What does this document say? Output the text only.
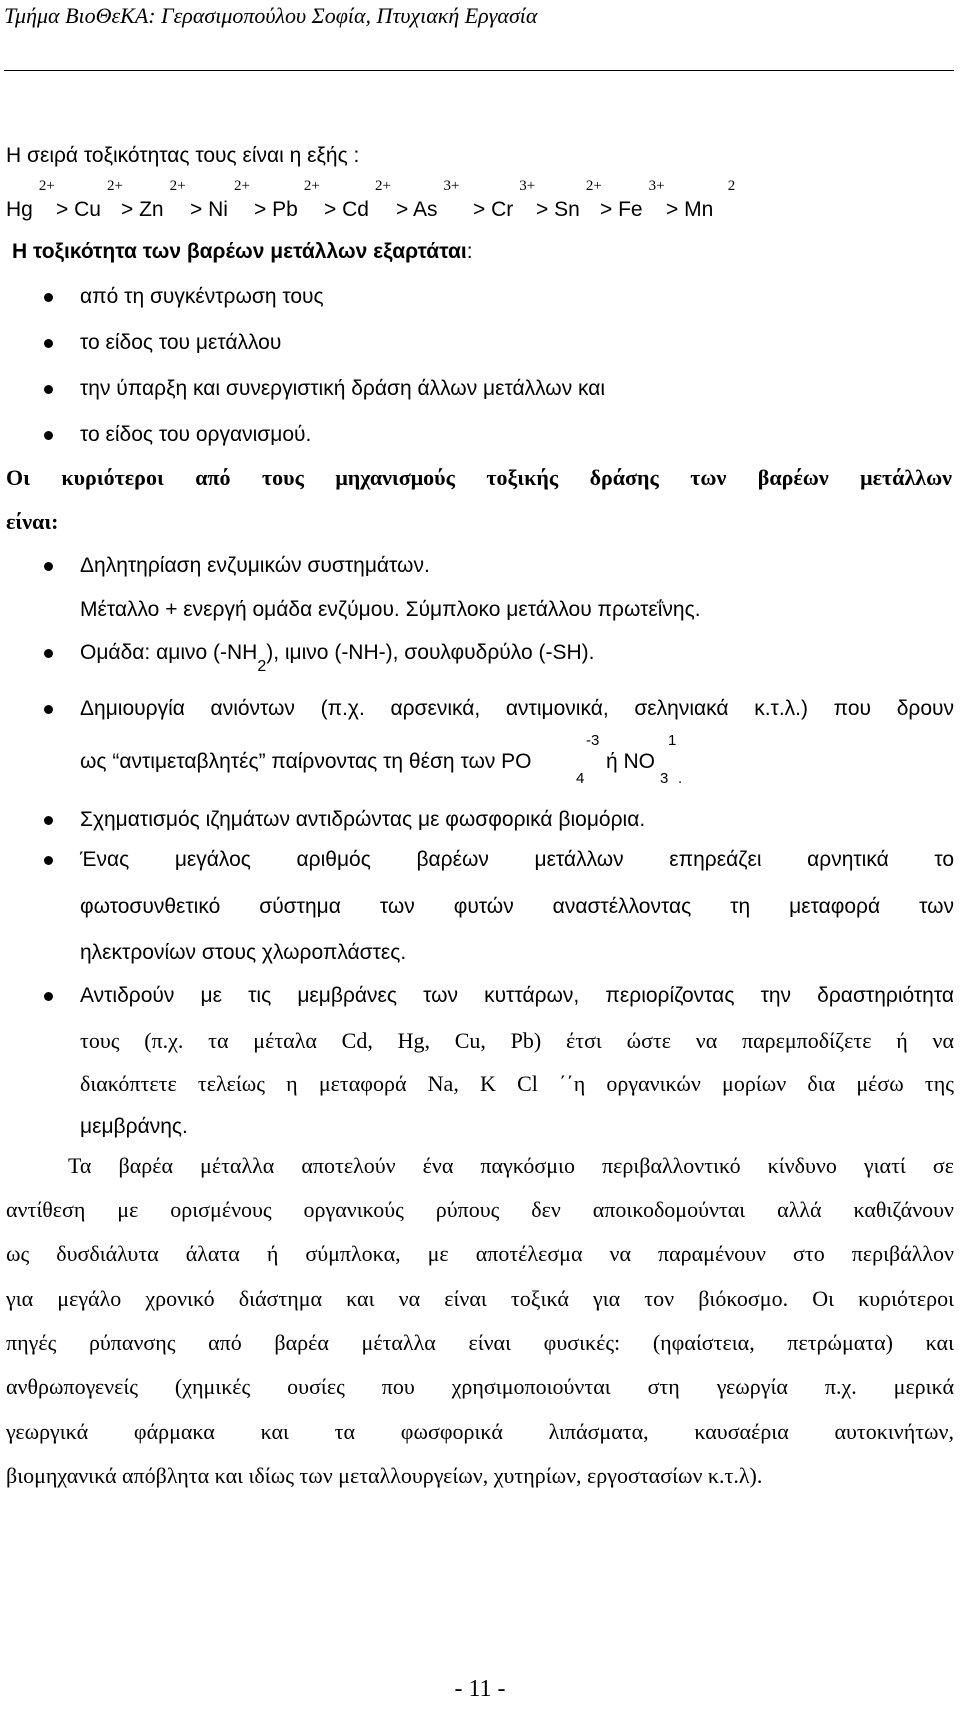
Τμήμα ΒιοΘεΚΑ: Γερασιμοπούλου Σοφία, Πτυχιακή Εργασία
Η σειρά τοξικότητας τους είναι η εξής :
Hg
2+
> Cu
2+
> Zn
2+
> Ni
2+
> Pb
2+
> Cd
2+
> As
3+
> Cr
3+
> Sn
2+
> Fe
3+
> Mn
2
Η τοξικότητα των βαρέων μετάλλων εξαρτάται:
από τη συγκέντρωση τους
το είδος του μετάλλου
την ύπαρξη και συνεργιστική δράση άλλων μετάλλων και
το είδος του οργανισμού.
Οι κυριότεροι από τους μηχανισμούς τοξικής δράσης των βαρέων μετάλλων
είναι:
Δηλητηρίαση ενζυμικών συστημάτων.
Μέταλλο + ενεργή ομάδα ενζύμου. Σύμπλοκο μετάλλου πρωτεΐνης.
Ομάδα: αμινο $(-NH_2)$, ιμινο (-NH-), σουλφυδρύλο (-SH).
Δημιουργία ανιόντων (π.χ. αρσενικά, αντιμονικά, σεληνιακά κ.τ.λ.) που δρουν
ως “αντιμεταβλητές” παίρνοντας τη θέση των PO
-3
4
ή NO
1
3 .
Σχηματισμός ιζημάτων αντιδρώντας με φωσφορικά βιομόρια.
Ένας μεγάλος αριθμός βαρέων μετάλλων επηρεάζει αρνητικά το
φωτοσυνθετικό σύστημα των φυτών αναστέλλοντας τη μεταφορά των
ηλεκτρονίων στους χλωροπλάστες.
Αντιδρούν με τις μεμβράνες των κυττάρων, περιορίζοντας την δραστηριότητα
τους (π.χ. τα μέταλα Cd, Hg, Cu, Pb) έτσι ώστε να παρεμποδίζετε ή να
διακόπτετε τελείως η μεταφορά Na, K Cl ΄΄η οργανικών μορίων δια μέσω της
μεμβράνης.
Τα βαρέα μέταλλα αποτελούν ένα παγκόσμιο περιβαλλοντικό κίνδυνο γιατί σε
αντίθεση με ορισμένους οργανικούς ρύπους δεν αποικοδομούνται αλλά καθιζάνουν
ως δυσδιάλυτα άλατα ή σύμπλοκα, με αποτέλεσμα να παραμένουν στο περιβάλλον
για μεγάλο χρονικό διάστημα και να είναι τοξικά για τον βιόκοσμο. Οι κυριότεροι
πηγές ρύπανσης από βαρέα μέταλλα είναι φυσικές: (ηφαίστεια, πετρώματα) και
ανθρωπογενείς (χημικές ουσίες που χρησιμοποιούνται στη γεωργία π.χ. μερικά
γεωργικά φάρμακα και τα φωσφορικά λιπάσματα, καυσαέρια αυτοκινήτων,
βιομηχανικά απόβλητα και ιδίως των μεταλλουργείων, χυτηρίων, εργοστασίων κ.τ.λ).
- 11 -
